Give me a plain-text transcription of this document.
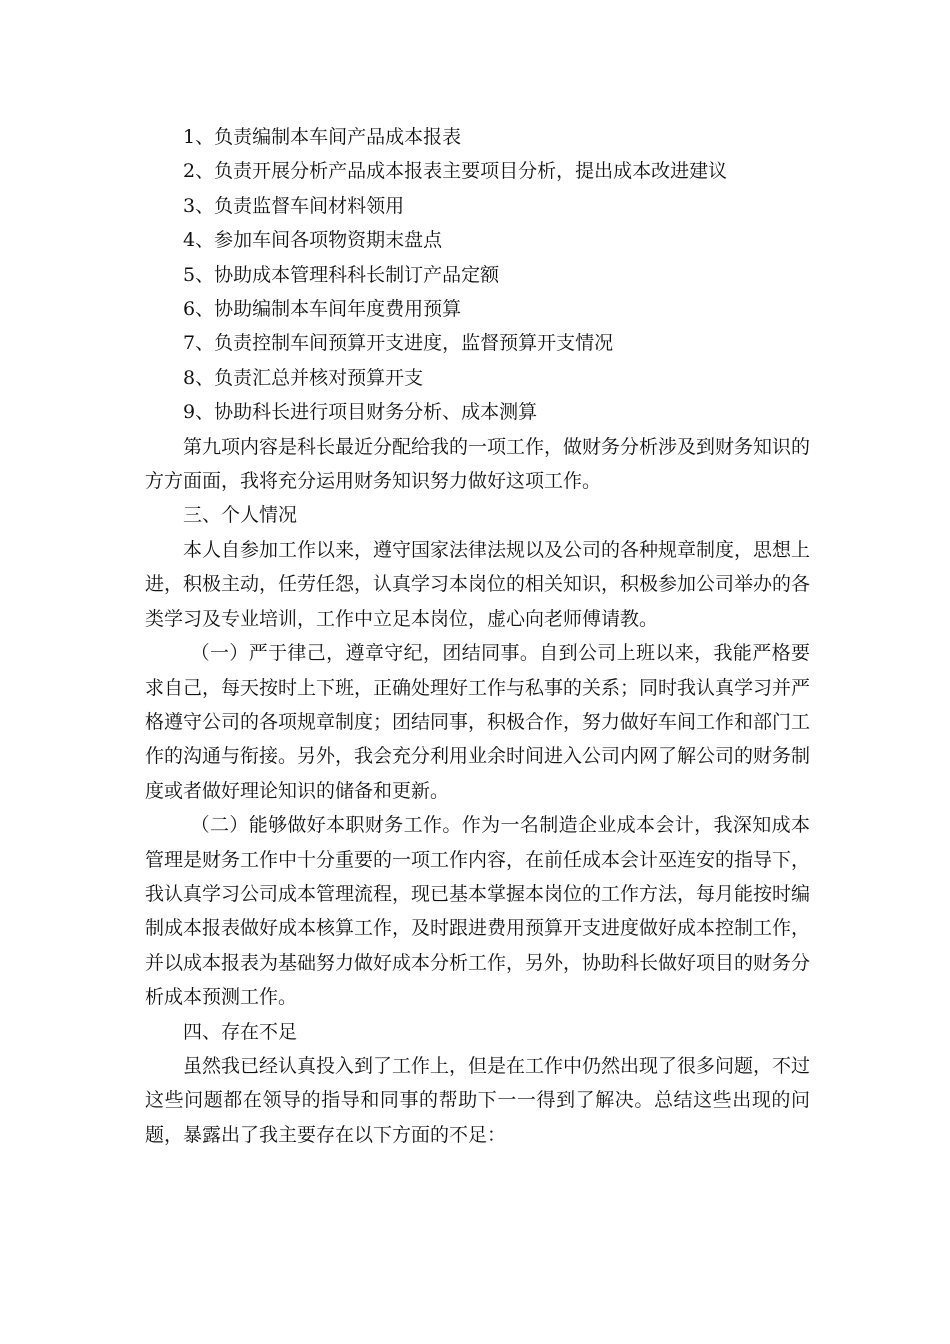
1、负责编制本车间产品成本报表
2、负责开展分析产品成本报表主要项目分析，提出成本改进建议
3、负责监督车间材料领用
4、参加车间各项物资期末盘点
5、协助成本管理科科长制订产品定额
6、协助编制本车间年度费用预算
7、负责控制车间预算开支进度，监督预算开支情况
8、负责汇总并核对预算开支
9、协助科长进行项目财务分析、成本测算

第九项内容是科长最近分配给我的一项工作，做财务分析涉及到财务知识的方方面面，我将充分运用财务知识努力做好这项工作。

三、个人情况

本人自参加工作以来，遵守国家法律法规以及公司的各种规章制度，思想上进，积极主动，任劳任怨，认真学习本岗位的相关知识，积极参加公司举办的各类学习及专业培训，工作中立足本岗位，虚心向老师傅请教。

（一）严于律己，遵章守纪，团结同事。自到公司上班以来，我能严格要求自己，每天按时上下班，正确处理好工作与私事的关系；同时我认真学习并严格遵守公司的各项规章制度；团结同事，积极合作，努力做好车间工作和部门工作的沟通与衔接。另外，我会充分利用业余时间进入公司内网了解公司的财务制度或者做好理论知识的储备和更新。

（二）能够做好本职财务工作。作为一名制造企业成本会计，我深知成本管理是财务工作中十分重要的一项工作内容，在前任成本会计巫连安的指导下，我认真学习公司成本管理流程，现已基本掌握本岗位的工作方法，每月能按时编制成本报表做好成本核算工作，及时跟进费用预算开支进度做好成本控制工作，并以成本报表为基础努力做好成本分析工作，另外，协助科长做好项目的财务分析成本预测工作。

四、存在不足

虽然我已经认真投入到了工作上，但是在工作中仍然出现了很多问题，不过这些问题都在领导的指导和同事的帮助下一一得到了解决。总结这些出现的问题，暴露出了我主要存在以下方面的不足：
